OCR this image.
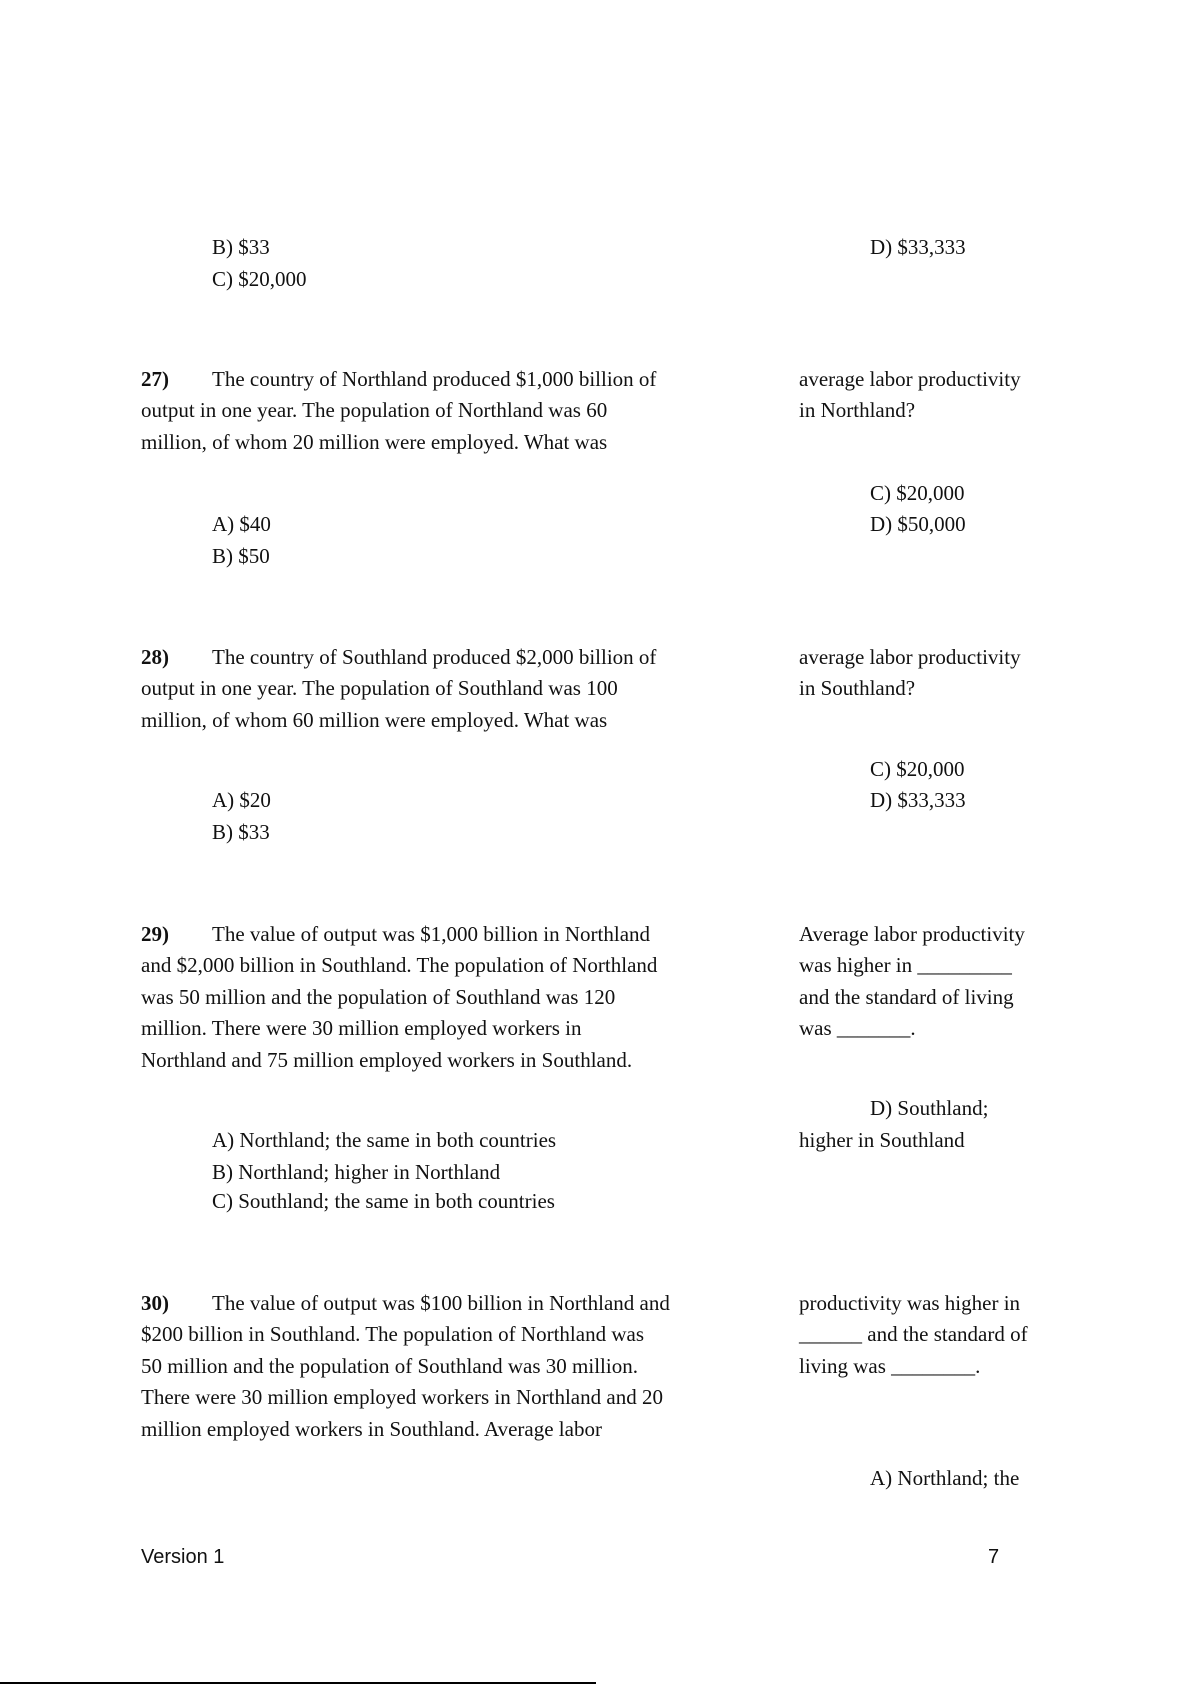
B) $33
C) $20,000
D) $33,333
27) The country of Northland produced $1,000 billion of
output in one year. The population of Northland was 60
million, of whom 20 million were employed. What was
average labor productivity
in Northland?
A) $40
B) $50
C) $20,000
D) $50,000
28) The country of Southland produced $2,000 billion of
output in one year. The population of Southland was 100
million, of whom 60 million were employed. What was
average labor productivity
in Southland?
A) $20
B) $33
C) $20,000
D) $33,333
29) The value of output was $1,000 billion in Northland
and $2,000 billion in Southland. The population of Northland
was 50 million and the population of Southland was 120
million. There were 30 million employed workers in
Northland and 75 million employed workers in Southland.
Average labor productivity
was higher in _________
and the standard of living
was _______.
A) Northland; the same in both countries
B) Northland; higher in Northland
C) Southland; the same in both countries
D) Southland;
higher in Southland
30) The value of output was $100 billion in Northland and
$200 billion in Southland. The population of Northland was
50 million and the population of Southland was 30 million.
There were 30 million employed workers in Northland and 20
million employed workers in Southland. Average labor
productivity was higher in
______ and the standard of
living was ________.
A) Northland; the
Version 1	7
